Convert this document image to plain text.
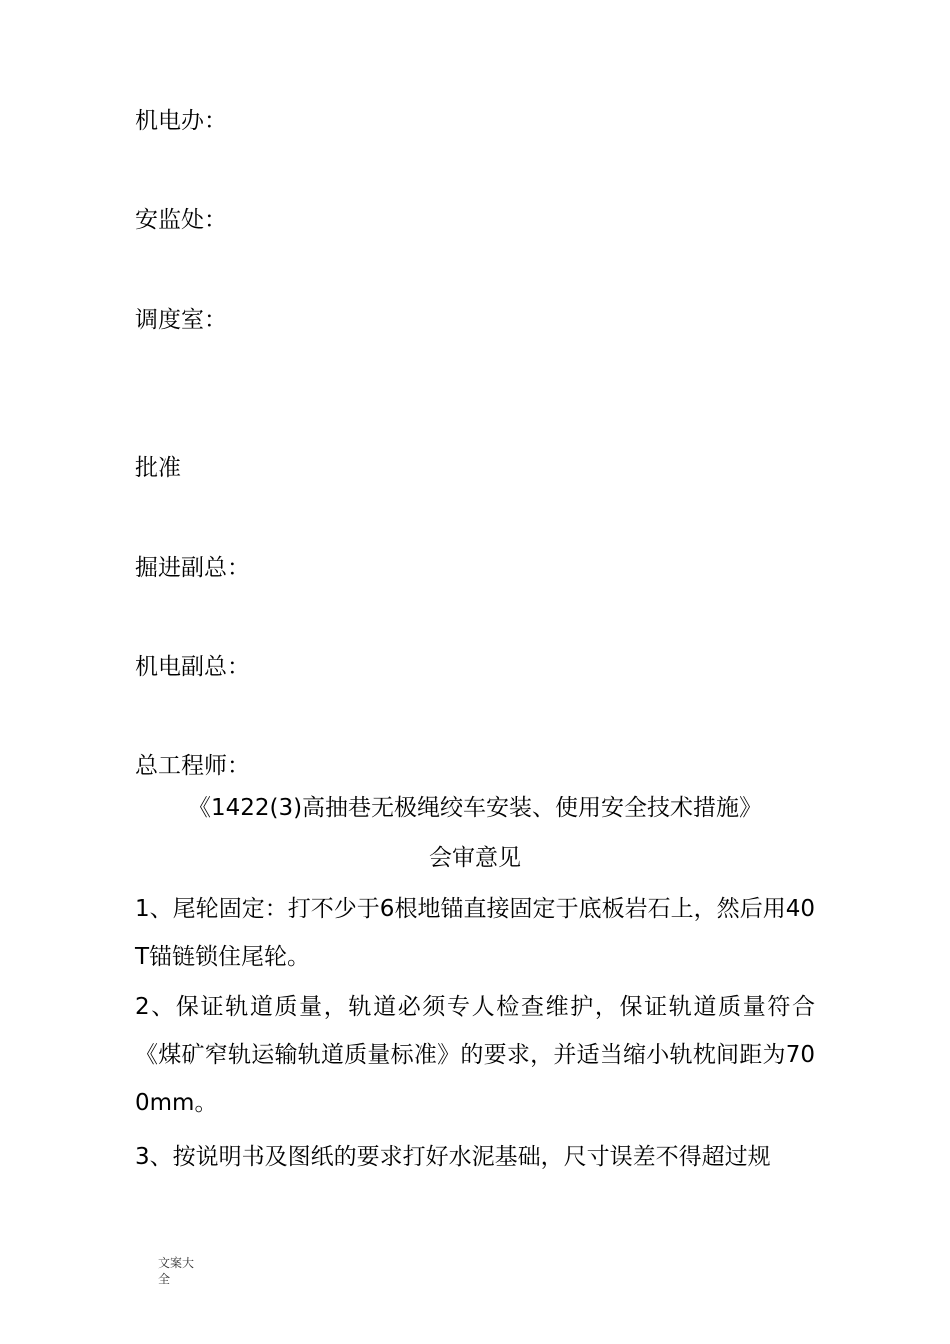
机电办：

安监处：

调度室：

批准

掘进副总：

机电副总：

总工程师：

《1422(3)高抽巷无极绳绞车安装、使用安全技术措施》

会审意见

1、尾轮固定：打不少于6根地锚直接固定于底板岩石上，然后用40T锚链锁住尾轮。

2、保证轨道质量，轨道必须专人检查维护，保证轨道质量符合《煤矿窄轨运输轨道质量标准》的要求，并适当缩小轨枕间距为700mm。

3、按说明书及图纸的要求打好水泥基础，尺寸误差不得超过规

文案大全
